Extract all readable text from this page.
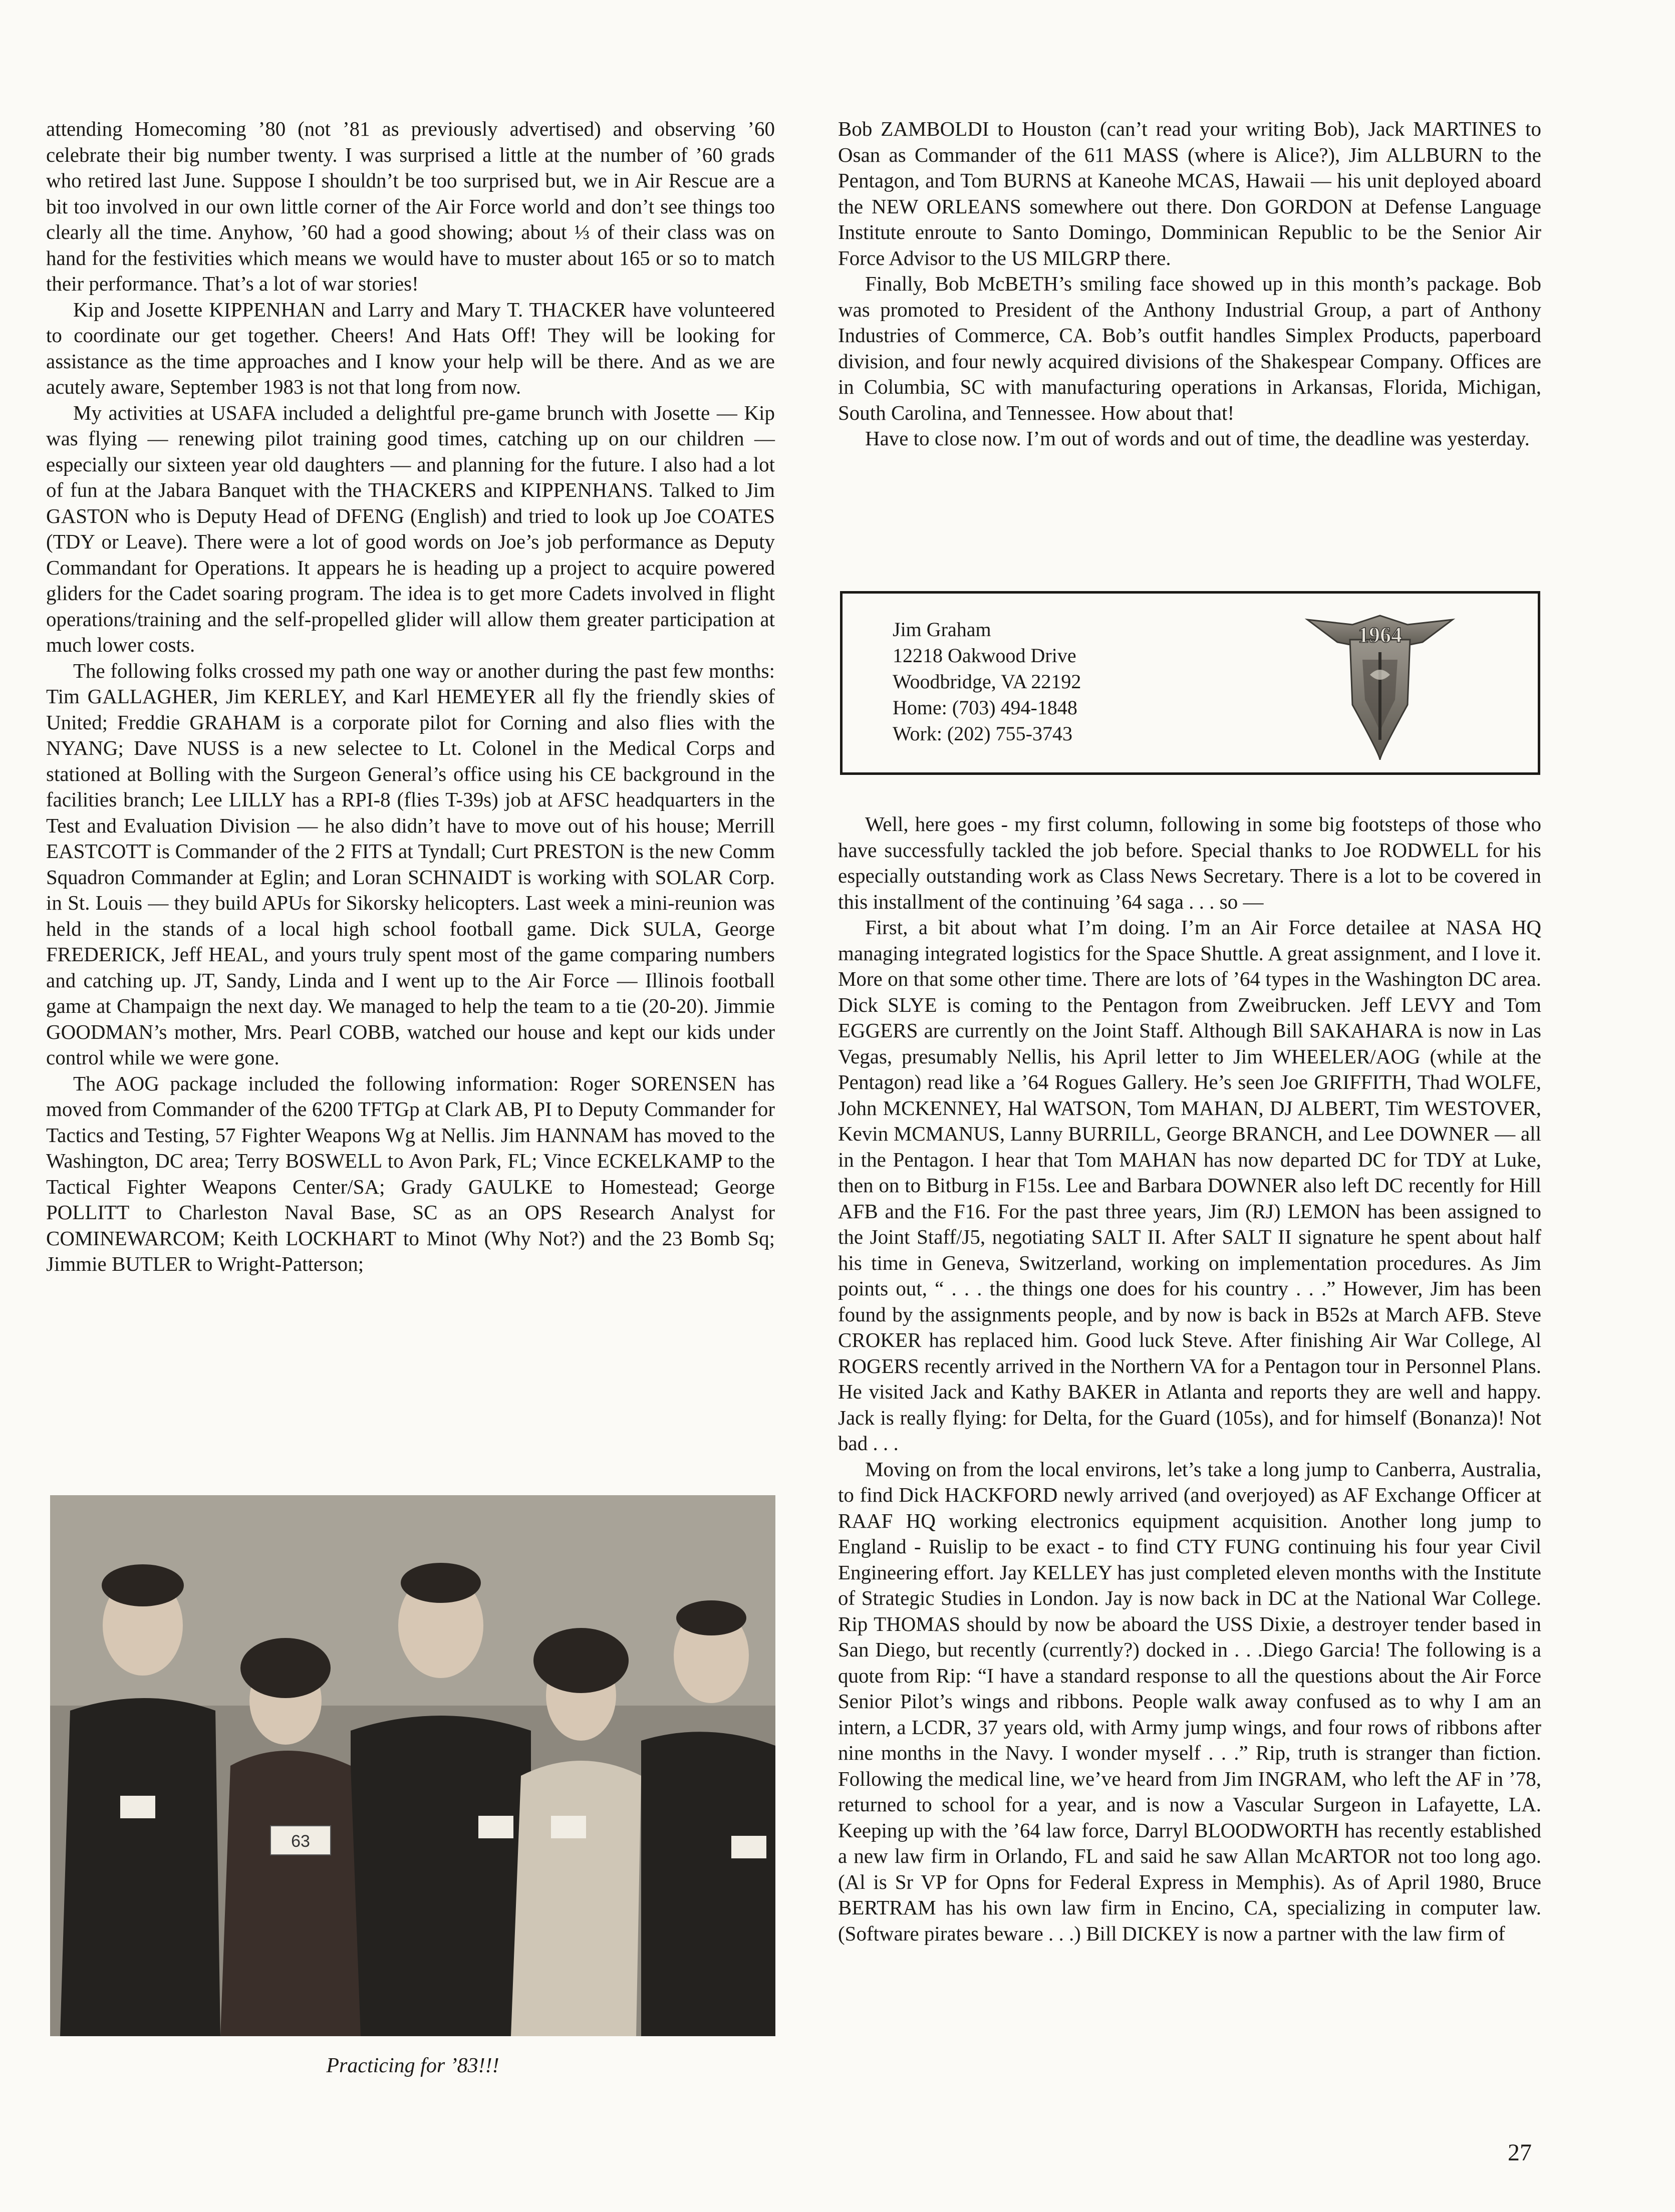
attending Homecoming ’80 (not ’81 as previously advertised) and observing ’60 celebrate their big number twenty. I was surprised a little at the number of ’60 grads who retired last June. Suppose I shouldn’t be too surprised but, we in Air Rescue are a bit too involved in our own little corner of the Air Force world and don’t see things too clearly all the time. Anyhow, ’60 had a good showing; about ⅓ of their class was on hand for the festivities which means we would have to muster about 165 or so to match their performance. That’s a lot of war stories!

Kip and Josette KIPPENHAN and Larry and Mary T. THACKER have volunteered to coordinate our get together. Cheers! And Hats Off! They will be looking for assistance as the time approaches and I know your help will be there. And as we are acutely aware, September 1983 is not that long from now.

My activities at USAFA included a delightful pre-game brunch with Josette — Kip was flying — renewing pilot training good times, catching up on our children — especially our sixteen year old daughters — and planning for the future. I also had a lot of fun at the Jabara Banquet with the THACKERS and KIPPENHANS. Talked to Jim GASTON who is Deputy Head of DFENG (English) and tried to look up Joe COATES (TDY or Leave). There were a lot of good words on Joe’s job performance as Deputy Commandant for Operations. It appears he is heading up a project to acquire powered gliders for the Cadet soaring program. The idea is to get more Cadets involved in flight operations/training and the self-propelled glider will allow them greater participation at much lower costs.

The following folks crossed my path one way or another during the past few months: Tim GALLAGHER, Jim KERLEY, and Karl HEMEYER all fly the friendly skies of United; Freddie GRAHAM is a corporate pilot for Corning and also flies with the NYANG; Dave NUSS is a new selectee to Lt. Colonel in the Medical Corps and stationed at Bolling with the Surgeon General’s office using his CE background in the facilities branch; Lee LILLY has a RPI-8 (flies T-39s) job at AFSC headquarters in the Test and Evaluation Division — he also didn’t have to move out of his house; Merrill EASTCOTT is Commander of the 2 FITS at Tyndall; Curt PRESTON is the new Comm Squadron Commander at Eglin; and Loran SCHNAIDT is working with SOLAR Corp. in St. Louis — they build APUs for Sikorsky helicopters. Last week a mini-reunion was held in the stands of a local high school football game. Dick SULA, George FREDERICK, Jeff HEAL, and yours truly spent most of the game comparing numbers and catching up. JT, Sandy, Linda and I went up to the Air Force — Illinois football game at Champaign the next day. We managed to help the team to a tie (20-20). Jimmie GOODMAN’s mother, Mrs. Pearl COBB, watched our house and kept our kids under control while we were gone.

The AOG package included the following information: Roger SORENSEN has moved from Commander of the 6200 TFTGp at Clark AB, PI to Deputy Commander for Tactics and Testing, 57 Fighter Weapons Wg at Nellis. Jim HANNAM has moved to the Washington, DC area; Terry BOSWELL to Avon Park, FL; Vince ECKELKAMP to the Tactical Fighter Weapons Center/SA; Grady GAULKE to Homestead; George POLLITT to Charleston Naval Base, SC as an OPS Research Analyst for COMINEWARCOM; Keith LOCKHART to Minot (Why Not?) and the 23 Bomb Sq; Jimmie BUTLER to Wright-Patterson;

Bob ZAMBOLDI to Houston (can’t read your writing Bob), Jack MARTINES to Osan as Commander of the 611 MASS (where is Alice?), Jim ALLBURN to the Pentagon, and Tom BURNS at Kaneohe MCAS, Hawaii — his unit deployed aboard the NEW ORLEANS somewhere out there. Don GORDON at Defense Language Institute enroute to Santo Domingo, Domminican Republic to be the Senior Air Force Advisor to the US MILGRP there.

Finally, Bob McBETH’s smiling face showed up in this month’s package. Bob was promoted to President of the Anthony Industrial Group, a part of Anthony Industries of Commerce, CA. Bob’s outfit handles Simplex Products, paperboard division, and four newly acquired divisions of the Shakespear Company. Offices are in Columbia, SC with manufacturing operations in Arkansas, Florida, Michigan, South Carolina, and Tennessee. How about that!

Have to close now. I’m out of words and out of time, the deadline was yesterday.

Jim Graham
12218 Oakwood Drive
Woodbridge, VA 22192
Home: (703) 494-1848
Work: (202) 755-3743
1964

Well, here goes - my first column, following in some big footsteps of those who have successfully tackled the job before. Special thanks to Joe RODWELL for his especially outstanding work as Class News Secretary. There is a lot to be covered in this installment of the continuing ’64 saga . . . so —

First, a bit about what I’m doing. I’m an Air Force detailee at NASA HQ managing integrated logistics for the Space Shuttle. A great assignment, and I love it. More on that some other time. There are lots of ’64 types in the Washington DC area. Dick SLYE is coming to the Pentagon from Zweibrucken. Jeff LEVY and Tom EGGERS are currently on the Joint Staff. Although Bill SAKAHARA is now in Las Vegas, presumably Nellis, his April letter to Jim WHEELER/AOG (while at the Pentagon) read like a ’64 Rogues Gallery. He’s seen Joe GRIFFITH, Thad WOLFE, John MCKENNEY, Hal WATSON, Tom MAHAN, DJ ALBERT, Tim WESTOVER, Kevin MCMANUS, Lanny BURRILL, George BRANCH, and Lee DOWNER — all in the Pentagon. I hear that Tom MAHAN has now departed DC for TDY at Luke, then on to Bitburg in F15s. Lee and Barbara DOWNER also left DC recently for Hill AFB and the F16. For the past three years, Jim (RJ) LEMON has been assigned to the Joint Staff/J5, negotiating SALT II. After SALT II signature he spent about half his time in Geneva, Switzerland, working on implementation procedures. As Jim points out, “ . . . the things one does for his country . . .” However, Jim has been found by the assignments people, and by now is back in B52s at March AFB. Steve CROKER has replaced him. Good luck Steve. After finishing Air War College, Al ROGERS recently arrived in the Northern VA for a Pentagon tour in Personnel Plans. He visited Jack and Kathy BAKER in Atlanta and reports they are well and happy. Jack is really flying: for Delta, for the Guard (105s), and for himself (Bonanza)! Not bad . . .

Moving on from the local environs, let’s take a long jump to Canberra, Australia, to find Dick HACKFORD newly arrived (and overjoyed) as AF Exchange Officer at RAAF HQ working electronics equipment acquisition. Another long jump to England - Ruislip to be exact - to find CTY FUNG continuing his four year Civil Engineering effort. Jay KELLEY has just completed eleven months with the Institute of Strategic Studies in London. Jay is now back in DC at the National War College. Rip THOMAS should by now be aboard the USS Dixie, a destroyer tender based in San Diego, but recently (currently?) docked in . . .Diego Garcia! The following is a quote from Rip: “I have a standard response to all the questions about the Air Force Senior Pilot’s wings and ribbons. People walk away confused as to why I am an intern, a LCDR, 37 years old, with Army jump wings, and four rows of ribbons after nine months in the Navy. I wonder myself . . .” Rip, truth is stranger than fiction. Following the medical line, we’ve heard from Jim INGRAM, who left the AF in ’78, returned to school for a year, and is now a Vascular Surgeon in Lafayette, LA. Keeping up with the ’64 law force, Darryl BLOODWORTH has recently established a new law firm in Orlando, FL and said he saw Allan McARTOR not too long ago. (Al is Sr VP for Opns for Federal Express in Memphis). As of April 1980, Bruce BERTRAM has his own law firm in Encino, CA, specializing in computer law. (Software pirates beware . . .) Bill DICKEY is now a partner with the law firm of

63
Practicing for ’83!!!
27
